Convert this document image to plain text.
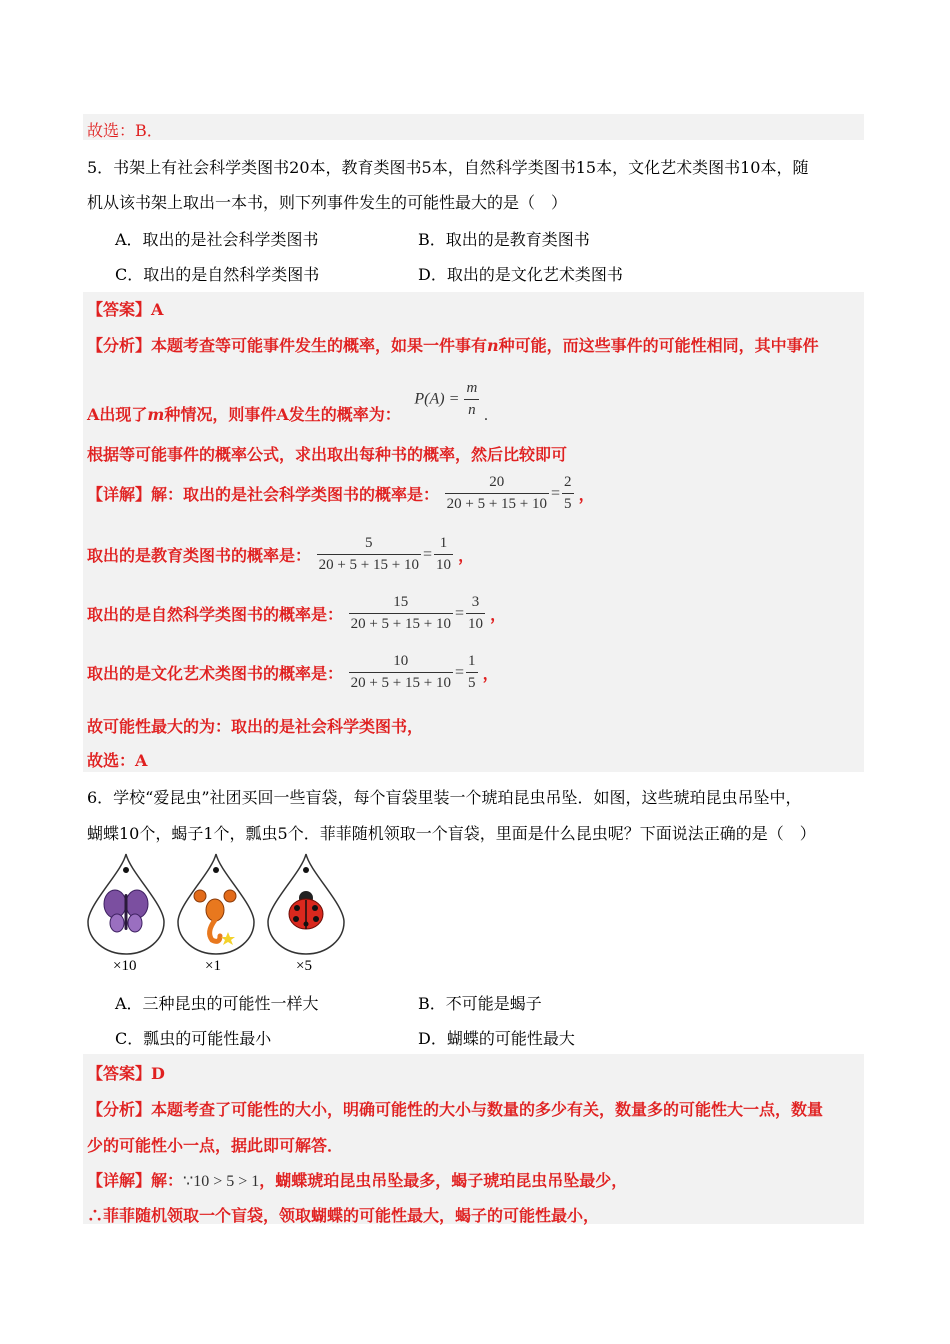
故选：B．
5．书架上有社会科学类图书20本，教育类图书5本，自然科学类图书15本，文化艺术类图书10本，随
机从该书架上取出一本书，则下列事件发生的可能性最大的是（　）
A．取出的是社会科学类图书	B．取出的是教育类图书
C．取出的是自然科学类图书	D．取出的是文化艺术类图书
【答案】A
【分析】本题考查等可能事件发生的概率，如果一件事有n种可能，而这些事件的可能性相同，其中事件
A出现了m种情况，则事件A发生的概率为： $P(A) = \frac{m}{n}$ .
根据等可能事件的概率公式，求出取出每种书的概率，然后比较即可
【详解】解：取出的是社会科学类图书的概率是： $\frac{20}{20 + 5 + 15 + 10} = \frac{2}{5}$ ，
取出的是教育类图书的概率是： $\frac{5}{20 + 5 + 15 + 10} = \frac{1}{10}$ ，
取出的是自然科学类图书的概率是： $\frac{15}{20 + 5 + 15 + 10} = \frac{3}{10}$ ，
取出的是文化艺术类图书的概率是： $\frac{10}{20 + 5 + 15 + 10} = \frac{1}{5}$ ，
故可能性最大的为：取出的是社会科学类图书，
故选：A
6．学校“爱昆虫”社团买回一些盲袋，每个盲袋里装一个琥珀昆虫吊坠．如图，这些琥珀昆虫吊坠中，
蝴蝶10个，蝎子1个，瓢虫5个．菲菲随机领取一个盲袋，里面是什么昆虫呢？下面说法正确的是（　）
×10	×1	×5
A．三种昆虫的可能性一样大	B．不可能是蝎子
C．瓢虫的可能性最小	D．蝴蝶的可能性最大
【答案】D
【分析】本题考查了可能性的大小，明确可能性的大小与数量的多少有关，数量多的可能性大一点，数量
少的可能性小一点，据此即可解答．
【详解】解：∵10 > 5 > 1，蝴蝶琥珀昆虫吊坠最多，蝎子琥珀昆虫吊坠最少，
∴菲菲随机领取一个盲袋，领取蝴蝶的可能性最大，蝎子的可能性最小，
